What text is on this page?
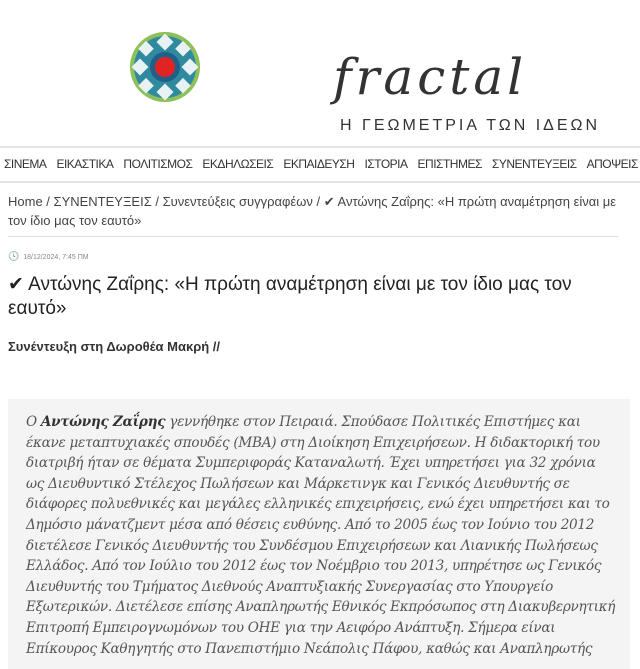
fractal
Η ΓΕΩΜΕΤΡΙΑ ΤΩΝ ΙΔΕΩΝ
ΣΙΝΕΜΑ ΕΙΚΑΣΤΙΚΑ ΠΟΛΙΤΙΣΜΟΣ ΕΚΔΗΛΩΣΕΙΣ ΕΚΠΑΙΔΕΥΣΗ ΙΣΤΟΡΙΑ ΕΠΙΣΤΗΜΕΣ ΣΥΝΕΝΤΕΥΞΕΙΣ ΑΠΟΨΕΙΣ
Home / ΣΥΝΕΝΤΕΥΞΕΙΣ / Συνεντεύξεις συγγραφέων / ✔ Αντώνης Ζαΐρης: «Η πρώτη αναμέτρηση είναι με τον ίδιο μας τον εαυτό»
🕓 18/12/2024, 7:45 ΠΜ
✔ Αντώνης Ζαΐρης: «Η πρώτη αναμέτρηση είναι με τον ίδιο μας τον εαυτό»
Συνέντευξη στη Δωροθέα Μακρή //

Ο Αντώνης Ζαΐρης γεννήθηκε στον Πειραιά. Σπούδασε Πολιτικές Επιστήμες και έκανε μεταπτυχιακές σπουδές (MBA) στη Διοίκηση Επιχειρήσεων. Η διδακτορική του διατριβή ήταν σε θέματα Συμπεριφοράς Καταναλωτή. Έχει υπηρετήσει για 32 χρόνια ως Διευθυντικό Στέλεχος Πωλήσεων και Μάρκετινγκ και Γενικός Διευθυντής σε διάφορες πολυεθνικές και μεγάλες ελληνικές επιχειρήσεις, ενώ έχει υπηρετήσει και το Δημόσιο μάνατζμεντ μέσα από θέσεις ευθύνης. Από το 2005 έως τον Ιούνιο του 2012 διετέλεσε Γενικός Διευθυντής του Συνδέσμου Επιχειρήσεων και Λιανικής Πωλήσεως Ελλάδος. Από τον Ιούλιο του 2012 έως τον Νοέμβριο του 2013, υπηρέτησε ως Γενικός Διευθυντής του Τμήματος Διεθνούς Αναπτυξιακής Συνεργασίας στο Υπουργείο Εξωτερικών. Διετέλεσε επίσης Αναπληρωτής Εθνικός Εκπρόσωπος στη Διακυβερνητική Επιτροπή Εμπειρογνωμόνων του ΟΗΕ για την Αειφόρο Ανάπτυξη. Σήμερα είναι Επίκουρος Καθηγητής στο Πανεπιστήμιο Νεάπολις Πάφου, καθώς και Αναπληρωτής
